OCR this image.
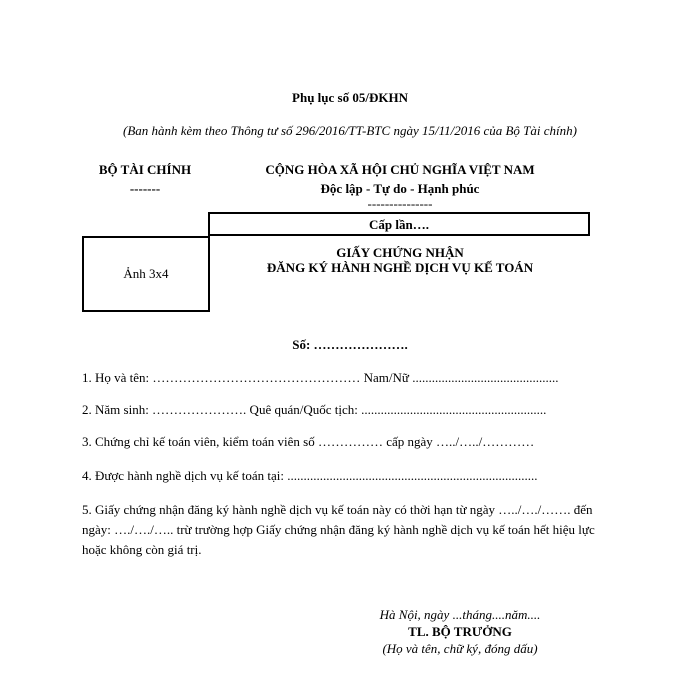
Phụ lục số 05/ĐKHN
(Ban hành kèm theo Thông tư số 296/2016/TT-BTC ngày 15/11/2016 của Bộ Tài chính)
BỘ TÀI CHÍNH
-------
CỘNG HÒA XÃ HỘI CHỦ NGHĨA VIỆT NAM
Độc lập - Tự do - Hạnh phúc
---------------
Cấp lần….
Ảnh 3x4
GIẤY CHỨNG NHẬN
ĐĂNG KÝ HÀNH NGHỀ DỊCH VỤ KẾ TOÁN
Số: ………………….
1. Họ và tên: ………………………………………… Nam/Nữ .............................................
2. Năm sinh: …………………. Quê quán/Quốc tịch: .........................................................
3. Chứng chỉ kế toán viên, kiểm toán viên số …………… cấp ngày …../…../…………
4. Được hành nghề dịch vụ kế toán tại: .............................................................................
5. Giấy chứng nhận đăng ký hành nghề dịch vụ kế toán này có thời hạn từ ngày …../…./……. đến ngày: …./…./….. trừ trường hợp Giấy chứng nhận đăng ký hành nghề dịch vụ kế toán hết hiệu lực hoặc không còn giá trị.
Hà Nội, ngày ...tháng....năm....
TL. BỘ TRƯỞNG
(Họ và tên, chữ ký, đóng dấu)
